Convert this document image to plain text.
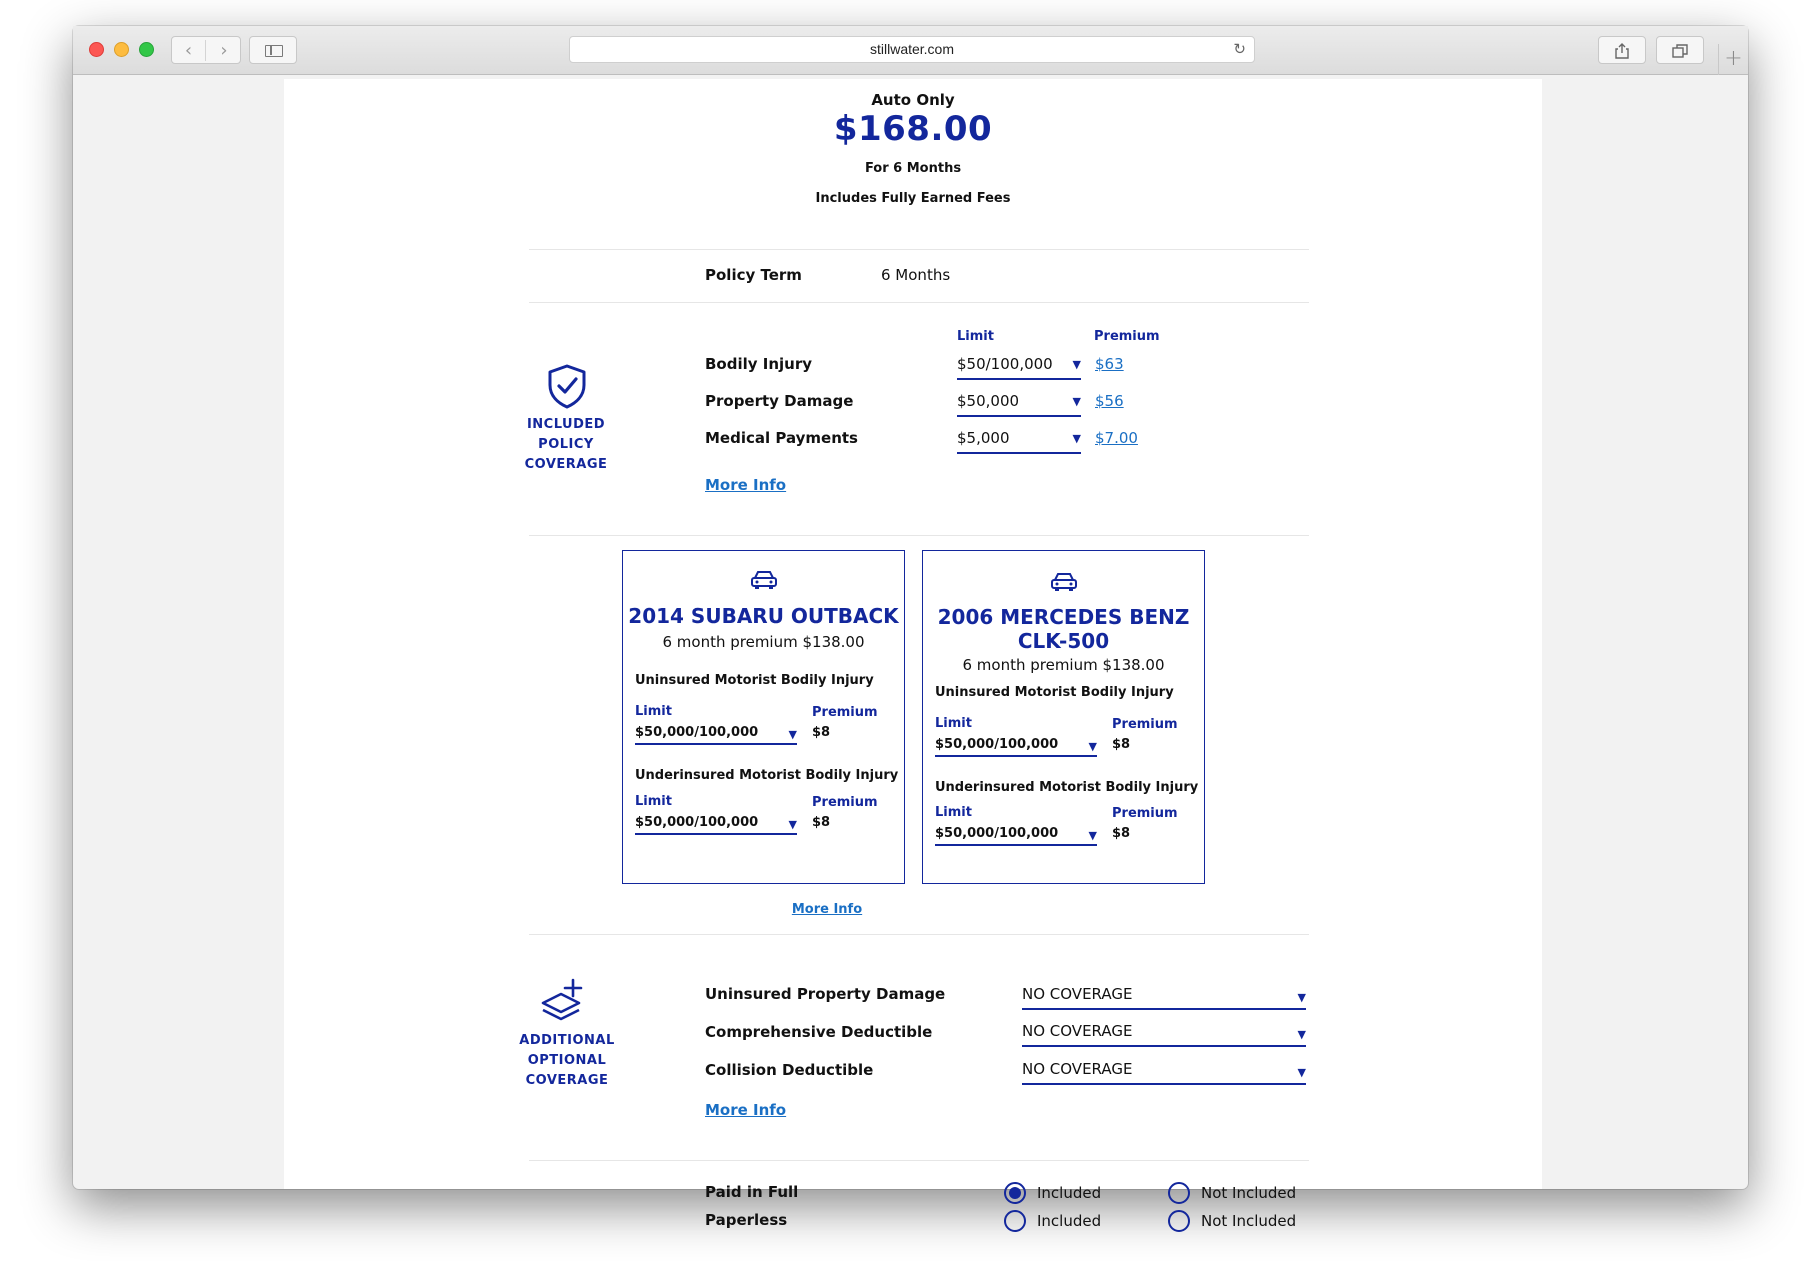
‹	›	stillwater.com	↻	+
Auto Only
$168.00
For 6 Months
Includes Fully Earned Fees
Policy Term	6 Months
INCLUDED
POLICY
COVERAGE
Limit	Premium
Bodily Injury	$50/100,000 ▼ $63
Property Damage	$50,000	▼ $56
Medical Payments	$5,000	▼ $7.00
More Info
2014 SUBARU OUTBACK
6 month premium $138.00
Uninsured Motorist Bodily Injury
Limit	Premium
$50,000/100,000	▼ $8
Underinsured Motorist Bodily Injury
Limit	Premium
$50,000/100,000	▼ $8
2006 MERCEDES BENZ
CLK-500
6 month premium $138.00
Uninsured Motorist Bodily Injury
Limit	Premium
$50,000/100,000	▼ $8
Underinsured Motorist Bodily Injury
Limit	Premium
$50,000/100,000	▼ $8
More Info
ADDITIONAL
OPTIONAL
COVERAGE
Uninsured Property Damage	NO COVERAGE	▼
Comprehensive Deductible	NO COVERAGE	▼
Collision Deductible	NO COVERAGE	▼
More Info
Paid in Full	Included	Not Included
Paperless	Included	Not Included
